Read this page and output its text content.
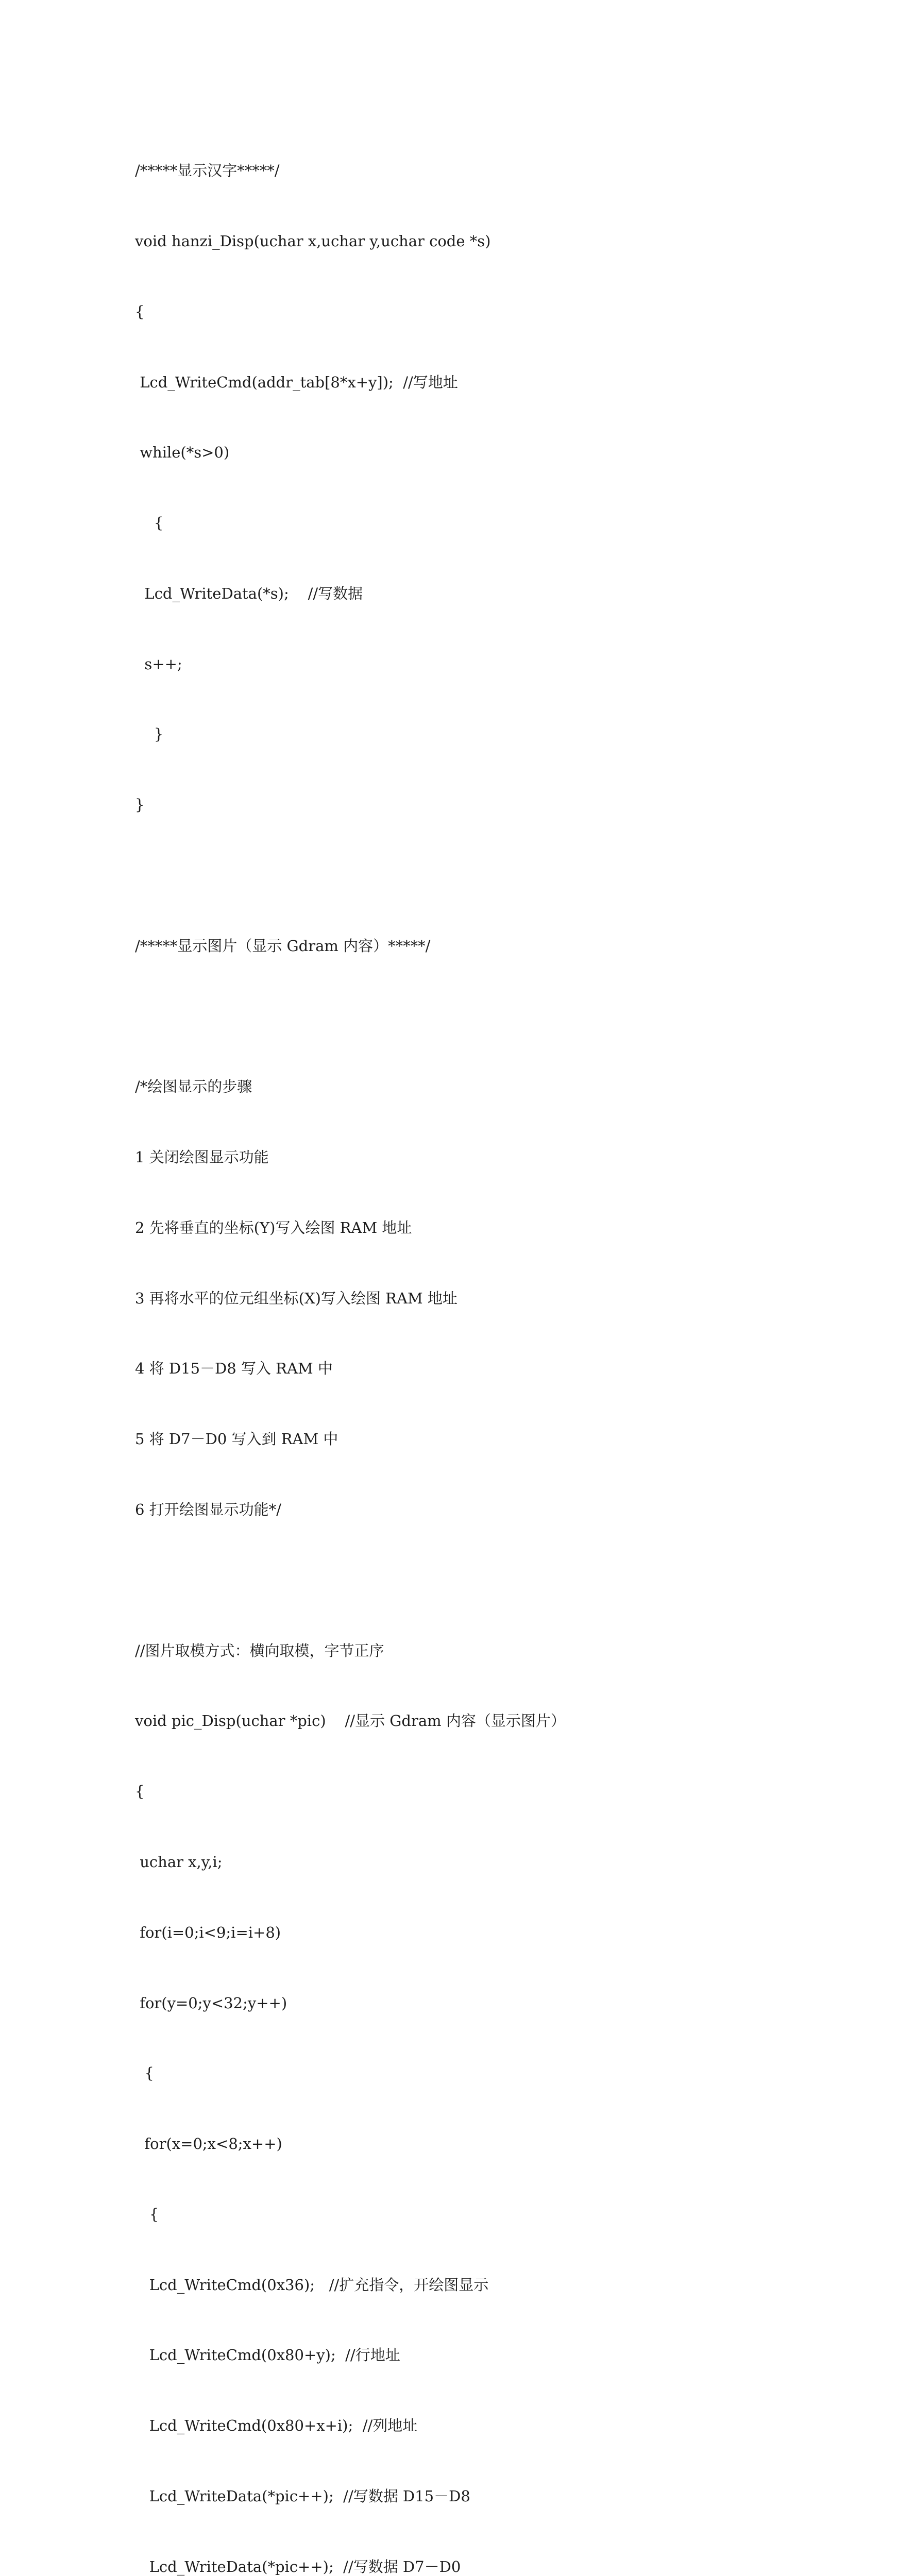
/*****显示汉字*****/

void hanzi_Disp(uchar x,uchar y,uchar code *s)

{

Lcd_WriteCmd(addr_tab[8*x+y]);  //写地址

while(*s>0)

{

Lcd_WriteData(*s);    //写数据

s++;

}

}

/*****显示图片（显示 Gdram 内容）*****/

/*绘图显示的步骤

1 关闭绘图显示功能

2 先将垂直的坐标(Y)写入绘图 RAM 地址

3 再将水平的位元组坐标(X)写入绘图 RAM 地址

4 将 D15－D8 写入 RAM 中

5 将 D7－D0 写入到 RAM 中

6 打开绘图显示功能*/

//图片取模方式：横向取模，字节正序

void pic_Disp(uchar *pic)    //显示 Gdram 内容（显示图片）

{

uchar x,y,i;

for(i=0;i<9;i=i+8)

for(y=0;y<32;y++)

{

for(x=0;x<8;x++)

{

Lcd_WriteCmd(0x36);   //扩充指令，开绘图显示

Lcd_WriteCmd(0x80+y);  //行地址

Lcd_WriteCmd(0x80+x+i);  //列地址

Lcd_WriteData(*pic++);  //写数据 D15－D8

Lcd_WriteData(*pic++);  //写数据 D7－D0
